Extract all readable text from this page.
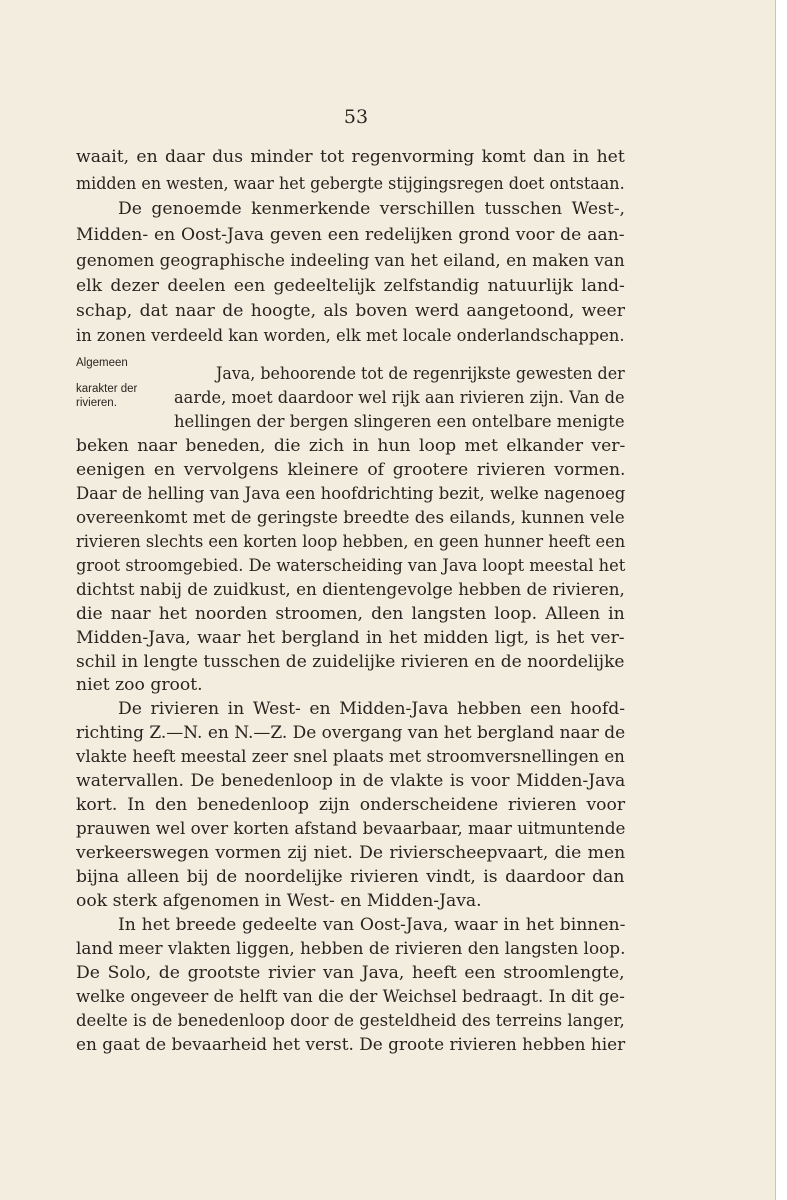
53
Algemeen
karakter der
rivieren.
waait, en daar dus minder tot regenvorming komt dan in het
midden en westen, waar het gebergte stijgingsregen doet ontstaan.
De genoemde kenmerkende verschillen tusschen West-,
Midden- en Oost-Java geven een redelijken grond voor de aan-
genomen geographische indeeling van het eiland, en maken van
elk dezer deelen een gedeeltelijk zelfstandig natuurlijk land-
schap, dat naar de hoogte, als boven werd aangetoond, weer
in zonen verdeeld kan worden, elk met locale onderlandschappen.
Java, behoorende tot de regenrijkste gewesten der
aarde, moet daardoor wel rijk aan rivieren zijn. Van de
hellingen der bergen slingeren een ontelbare menigte
beken naar beneden, die zich in hun loop met elkander ver-
eenigen en vervolgens kleinere of grootere rivieren vormen.
Daar de helling van Java een hoofdrichting bezit, welke nagenoeg
overeenkomt met de geringste breedte des eilands, kunnen vele
rivieren slechts een korten loop hebben, en geen hunner heeft een
groot stroomgebied. De waterscheiding van Java loopt meestal het
dichtst nabij de zuidkust, en dientengevolge hebben de rivieren,
die naar het noorden stroomen, den langsten loop. Alleen in
Midden-Java, waar het bergland in het midden ligt, is het ver-
schil in lengte tusschen de zuidelijke rivieren en de noordelijke
niet zoo groot.
De rivieren in West- en Midden-Java hebben een hoofd-
richting Z.—N. en N.—Z. De overgang van het bergland naar de
vlakte heeft meestal zeer snel plaats met stroomversnellingen en
watervallen. De benedenloop in de vlakte is voor Midden-Java
kort. In den benedenloop zijn onderscheidene rivieren voor
prauwen wel over korten afstand bevaarbaar, maar uitmuntende
verkeerswegen vormen zij niet. De rivierscheepvaart, die men
bijna alleen bij de noordelijke rivieren vindt, is daardoor dan
ook sterk afgenomen in West- en Midden-Java.
In het breede gedeelte van Oost-Java, waar in het binnen-
land meer vlakten liggen, hebben de rivieren den langsten loop.
De Solo, de grootste rivier van Java, heeft een stroomlengte,
welke ongeveer de helft van die der Weichsel bedraagt. In dit ge-
deelte is de benedenloop door de gesteldheid des terreins langer,
en gaat de bevaarheid het verst. De groote rivieren hebben hier
